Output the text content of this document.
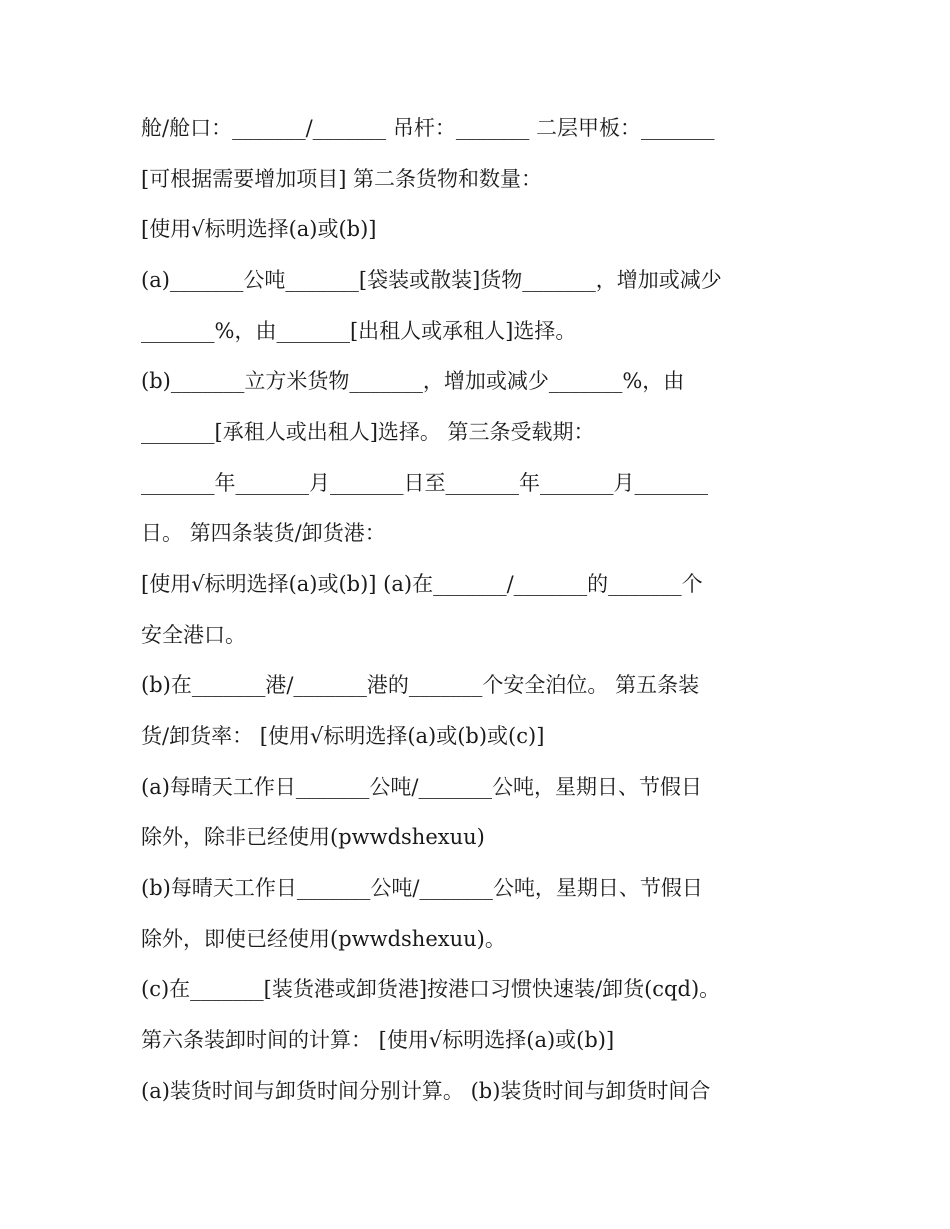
舱/舱口：_______/_______ 吊杆：_______ 二层甲板：_______
[可根据需要增加项目] 第二条货物和数量：
[使用√标明选择(a)或(b)]
(a)_______公吨_______[袋装或散装]货物_______，增加或减少
_______%，由_______[出租人或承租人]选择。
(b)_______立方米货物_______，增加或减少_______%，由
_______[承租人或出租人]选择。 第三条受载期：
_______年_______月_______日至_______年_______月_______
日。 第四条装货/卸货港：
[使用√标明选择(a)或(b)] (a)在_______/_______的_______个
安全港口。
(b)在_______港/_______港的_______个安全泊位。 第五条装
货/卸货率： [使用√标明选择(a)或(b)或(c)]
(a)每晴天工作日_______公吨/_______公吨，星期日、节假日
除外，除非已经使用(pwwdshexuu)
(b)每晴天工作日_______公吨/_______公吨，星期日、节假日
除外，即使已经使用(pwwdshexuu)。
(c)在_______[装货港或卸货港]按港口习惯快速装/卸货(cqd)。
第六条装卸时间的计算： [使用√标明选择(a)或(b)]
(a)装货时间与卸货时间分别计算。 (b)装货时间与卸货时间合
